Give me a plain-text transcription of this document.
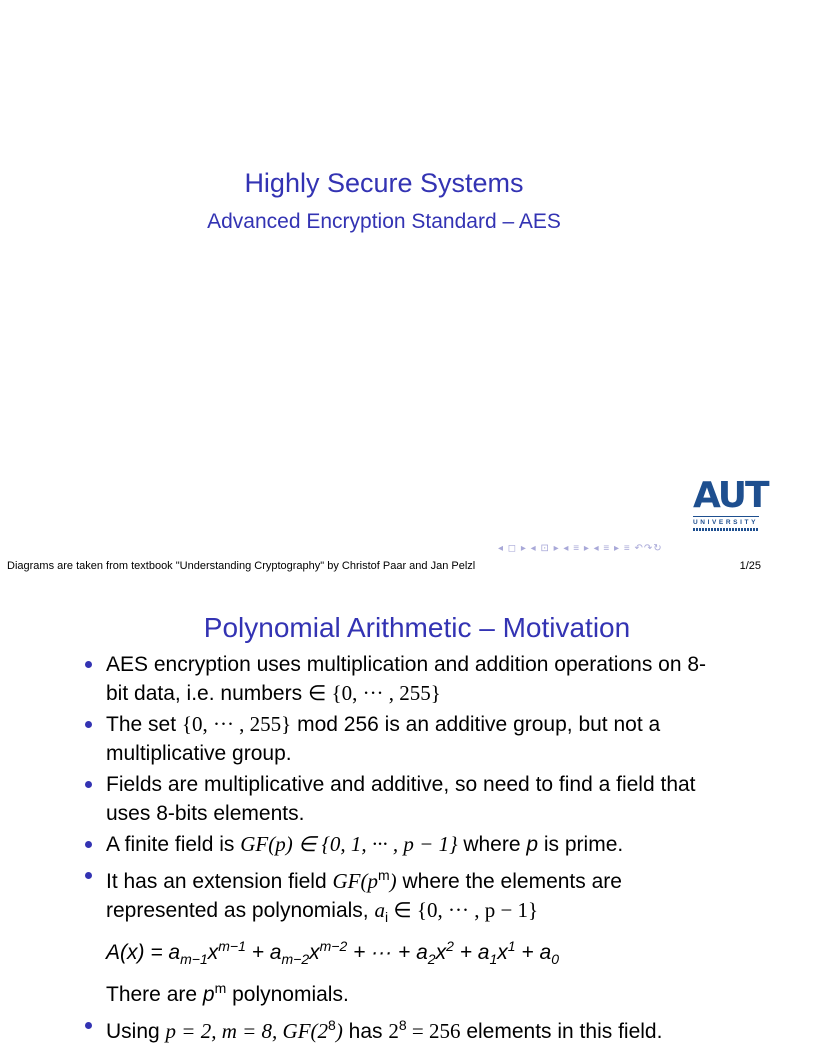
Highly Secure Systems
Advanced Encryption Standard – AES
AUT
UNIVERSITY
◂ ◻ ▸ ◂ ⊡ ▸ ◂ ≡ ▸ ◂ ≡ ▸ ≡ ↶↷↻
Diagrams are taken from textbook "Understanding Cryptography" by Christof Paar and Jan Pelzl	1/25
Polynomial Arithmetic – Motivation
AES encryption uses multiplication and addition operations on 8-bit data, i.e. numbers ∈ {0, ··· , 255}
The set {0, ··· , 255} mod 256 is an additive group, but not a multiplicative group.
Fields are multiplicative and additive, so need to find a field that uses 8-bits elements.
A finite field is GF(p) ∈ {0, 1, ··· , p − 1} where p is prime.
It has an extension field $GF(p^m)$ where the elements are represented as polynomials, $a_i$ ∈ {0, ··· , p − 1}
$A(x) = a_{m-1}x^{m-1} + a_{m-2}x^{m-2}$ + ··· + $a_2x^2 + a_1x^1 + a_0$
There are $p^m$ polynomials.
Using p = 2, m = 8, $GF(2^8)$ has $2^8 = 256$ elements in this field.
